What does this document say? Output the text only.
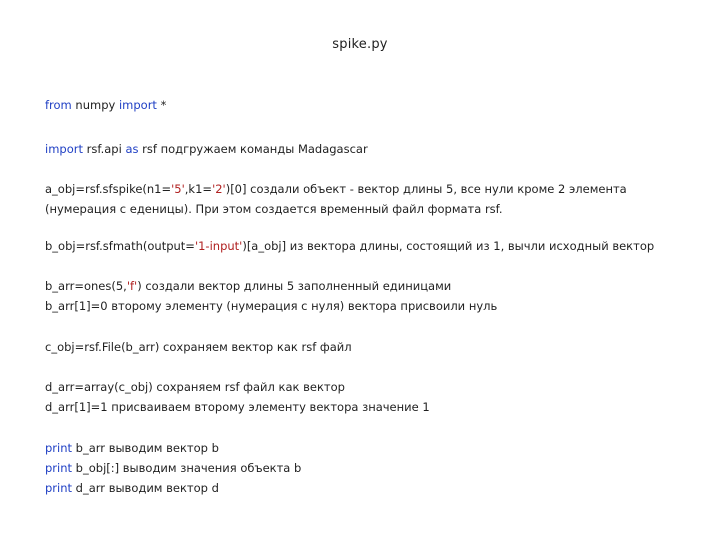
spike.py
from numpy import *
import rsf.api as rsf подгружаем команды Madagascar
a_obj=rsf.sfspike(n1='5',k1='2')[0] создали объект - вектор длины 5, все нули кроме 2 элемента
(нумерация с еденицы). При этом создается временный файл формата rsf.
b_obj=rsf.sfmath(output='1-input')[a_obj] из вектора длины, состоящий из 1, вычли исходный вектор
b_arr=ones(5,'f') создали вектор длины 5 заполненный единицами
b_arr[1]=0 второму элементу (нумерация с нуля) вектора присвоили нуль
c_obj=rsf.File(b_arr) сохраняем вектор как rsf файл
d_arr=array(c_obj) сохраняем rsf файл как вектор
d_arr[1]=1 присваиваем второму элементу вектора значение 1
print b_arr выводим вектор b
print b_obj[:] выводим значения объекта b
print d_arr выводим вектор d
